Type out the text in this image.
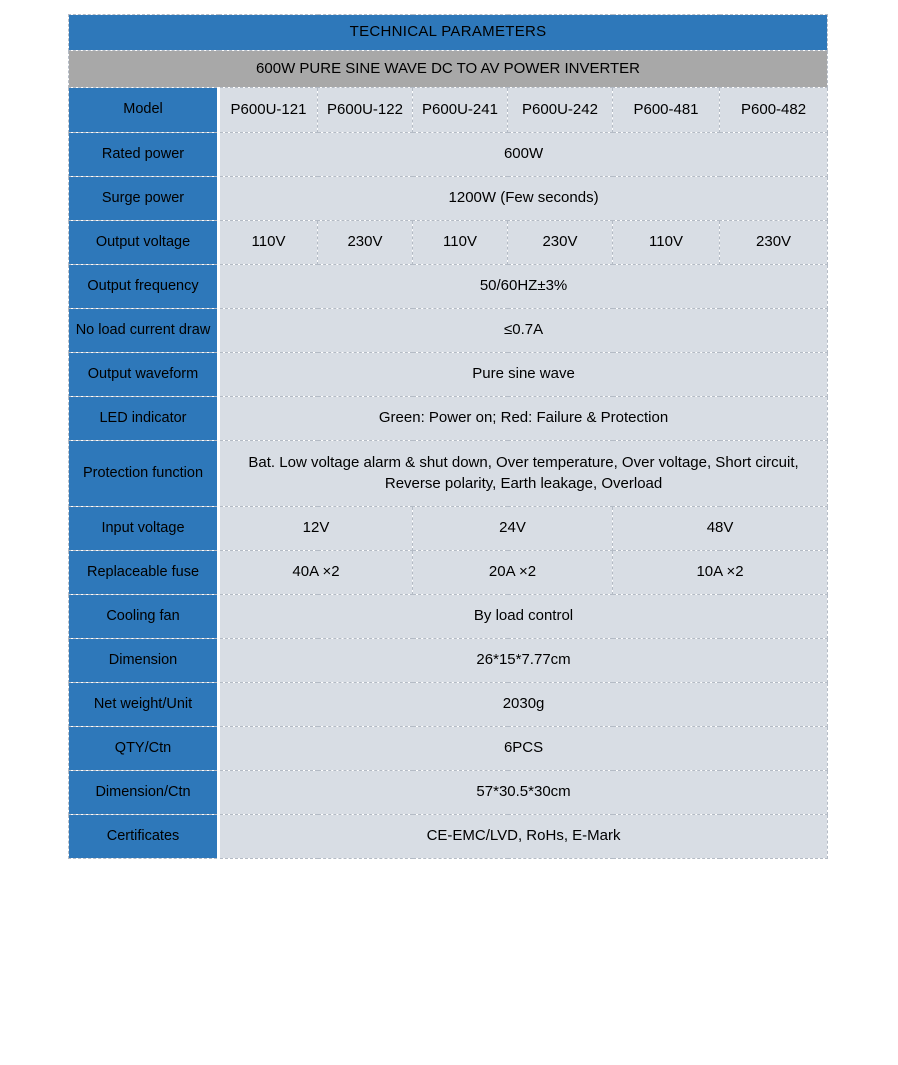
TECHNICAL PARAMETERS						
600W PURE SINE WAVE DC TO AV POWER INVERTER						
Model	P600U-121	P600U-122	P600U-241	P600U-242	P600-481	P600-482
Rated power	600W					
Surge power	1200W (Few seconds)					
Output voltage	110V	230V	110V	230V	110V	230V
Output frequency	50/60HZ±3%					
No load current draw	≤0.7A					
Output waveform	Pure sine wave					
LED indicator	Green: Power on; Red: Failure & Protection					
Protection function	Bat. Low voltage alarm & shut down, Over temperature, Over voltage, Short circuit, Reverse polarity, Earth leakage, Overload					
Input voltage	12V		24V		48V	
Replaceable fuse	40A ×2		20A ×2		10A ×2	
Cooling fan	By load control					
Dimension	26*15*7.77cm					
Net weight/Unit	2030g					
QTY/Ctn	6PCS					
Dimension/Ctn	57*30.5*30cm					
Certificates	CE-EMC/LVD, RoHs, E-Mark					
